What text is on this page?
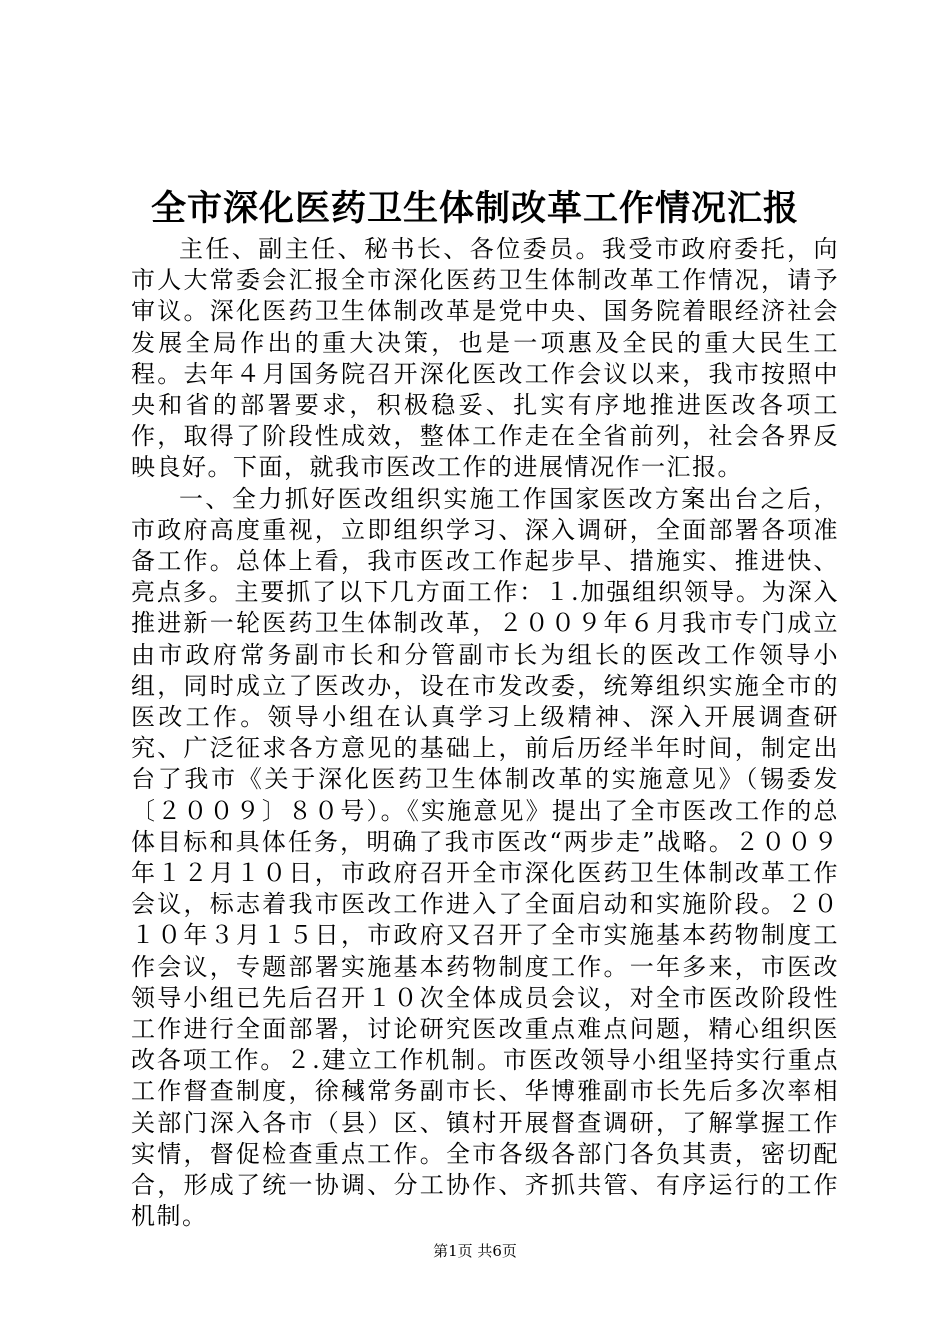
全市深化医药卫生体制改革工作情况汇报

主任、副主任、秘书长、各位委员。我受市政府委托，向市人大常委会汇报全市深化医药卫生体制改革工作情况，请予审议。深化医药卫生体制改革是党中央、国务院着眼经济社会发展全局作出的重大决策，也是一项惠及全民的重大民生工程。去年４月国务院召开深化医改工作会议以来，我市按照中央和省的部署要求，积极稳妥、扎实有序地推进医改各项工作，取得了阶段性成效，整体工作走在全省前列，社会各界反映良好。下面，就我市医改工作的进展情况作一汇报。

一、全力抓好医改组织实施工作国家医改方案出台之后，市政府高度重视，立即组织学习、深入调研，全面部署各项准备工作。总体上看，我市医改工作起步早、措施实、推进快、亮点多。主要抓了以下几方面工作：１.加强组织领导。为深入推进新一轮医药卫生体制改革，２００９年６月我市专门成立由市政府常务副市长和分管副市长为组长的医改工作领导小组，同时成立了医改办，设在市发改委，统筹组织实施全市的医改工作。领导小组在认真学习上级精神、深入开展调查研究、广泛征求各方意见的基础上，前后历经半年时间，制定出台了我市《关于深化医药卫生体制改革的实施意见》（锡委发〔２００９〕８０号）。《实施意见》提出了全市医改工作的总体目标和具体任务，明确了我市医改“两步走”战略。２００９年１２月１０日，市政府召开全市深化医药卫生体制改革工作会议，标志着我市医改工作进入了全面启动和实施阶段。２０１０年３月１５日，市政府又召开了全市实施基本药物制度工作会议，专题部署实施基本药物制度工作。一年多来，市医改领导小组已先后召开１０次全体成员会议，对全市医改阶段性工作进行全面部署，讨论研究医改重点难点问题，精心组织医改各项工作。２.建立工作机制。市医改领导小组坚持实行重点工作督查制度，徐稶常务副市长、华博雅副市长先后多次率相关部门深入各市（县）区、镇村开展督查调研，了解掌握工作实情，督促检查重点工作。全市各级各部门各负其责，密切配合，形成了统一协调、分工协作、齐抓共管、有序运行的工作机制。

第1页 共6页
